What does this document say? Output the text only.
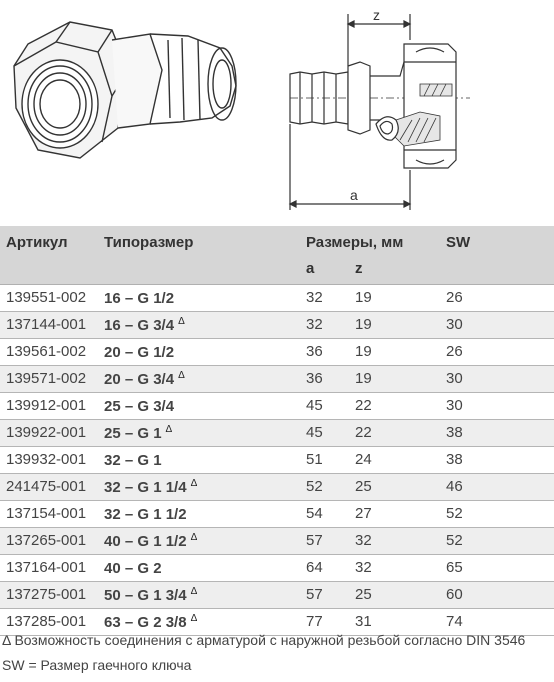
z
a
Артикул Типоразмер	Размеры, мм	SW
a	z
139551-002 16 – G 1/2	32 19	26
137144-001 16 – G 3/4 $^\Delta$	32 19	30
139561-002 20 – G 1/2	36 19	26
139571-002 20 – G 3/4 $^\Delta$	36 19	30
139912-001 25 – G 3/4	45 22	30
139922-001 25 – G 1 $^\Delta$	45 22	38
139932-001 32 – G 1	51 24	38
241475-001 32 – G 1 1/4 $^\Delta$	52 25	46
137154-001 32 – G 1 1/2	54 27	52
137265-001 40 – G 1 1/2 $^\Delta$	57 32	52
137164-001 40 – G 2	64 32	65
137275-001 50 – G 1 3/4 $^\Delta$	57 25	60
137285-001 63 – G 2 3/8 $^\Delta$	77 31	74
Δ Возможность соединения с арматурой с наружной резьбой согласно DIN 3546
SW = Размер гаечного ключа
